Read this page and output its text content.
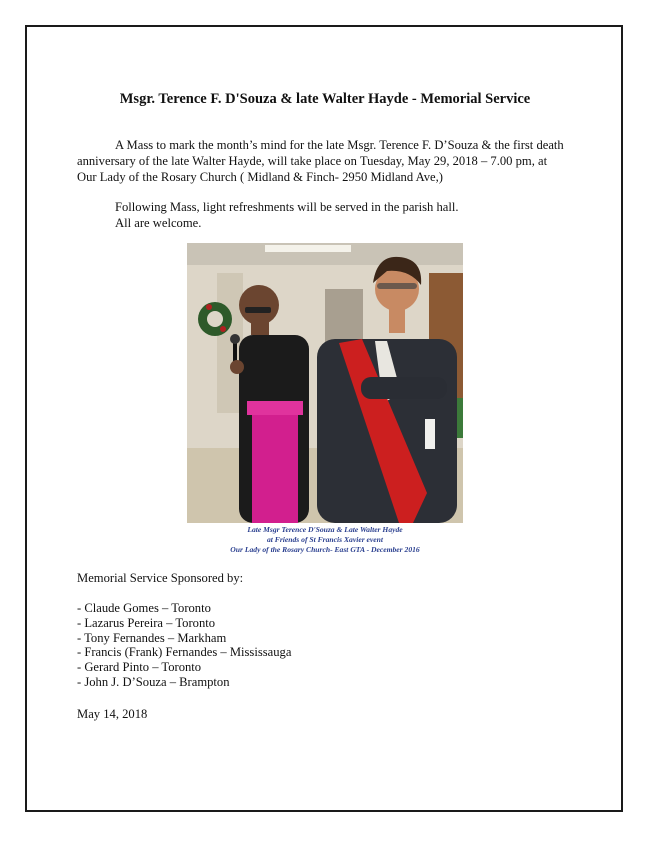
Msgr. Terence F. D'Souza & late Walter Hayde - Memorial Service
A Mass to mark the month’s mind for the late Msgr. Terence F. D’Souza & the first death
anniversary of the late Walter Hayde, will take place on Tuesday, May 29, 2018 – 7.00 pm, at
Our Lady of the Rosary Church ( Midland & Finch- 2950 Midland Ave,)
Following Mass, light refreshments will be served in the parish hall.
All are welcome.
Late Msgr Terence D'Souza & Late Walter Hayde
at Friends of St Francis Xavier event
Our Lady of the Rosary Church- East GTA - December 2016

Memorial Service Sponsored by:

- Claude Gomes – Toronto
- Lazarus Pereira – Toronto
- Tony Fernandes – Markham
- Francis (Frank) Fernandes – Mississauga
- Gerard Pinto – Toronto
- John J. D’Souza – Brampton

May 14, 2018
